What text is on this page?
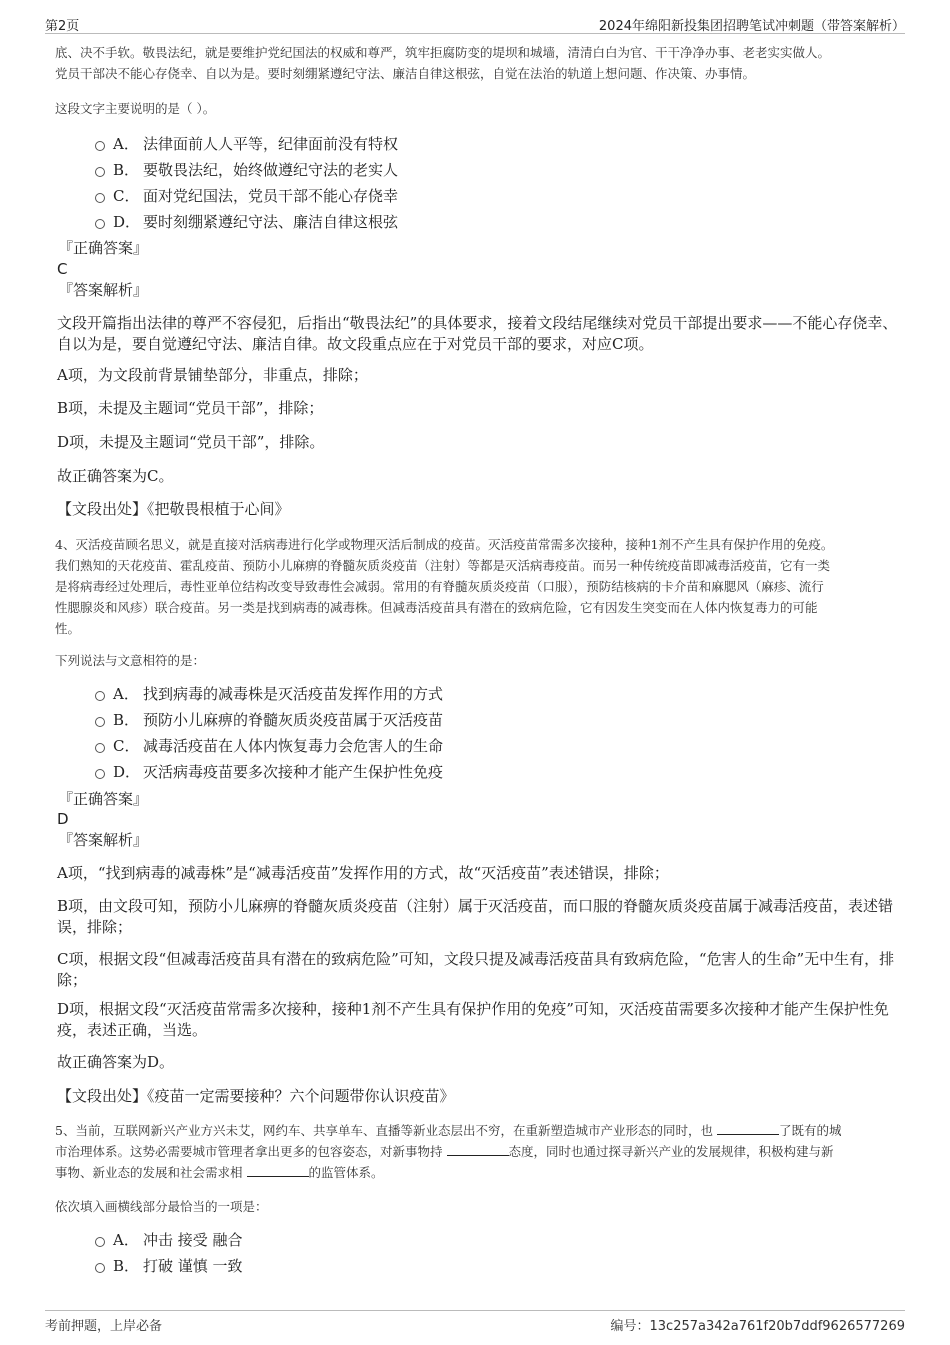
第2页	2024年绵阳新投集团招聘笔试冲刺题（带答案解析）
底、决不手软。敬畏法纪，就是要维护党纪国法的权威和尊严，筑牢拒腐防变的堤坝和城墙，清清白白为官、干干净净办事、老老实实做人。
党员干部决不能心存侥幸、自以为是。要时刻绷紧遵纪守法、廉洁自律这根弦，自觉在法治的轨道上想问题、作决策、办事情。
这段文字主要说明的是（ ）。
A． 法律面前人人平等，纪律面前没有特权
B． 要敬畏法纪，始终做遵纪守法的老实人
C． 面对党纪国法，党员干部不能心存侥幸
D． 要时刻绷紧遵纪守法、廉洁自律这根弦
『正确答案』
C
『答案解析』
文段开篇指出法律的尊严不容侵犯，后指出“敬畏法纪”的具体要求，接着文段结尾继续对党员干部提出要求——不能心存侥幸、自以为是，要自觉遵纪守法、廉洁自律。故文段重点应在于对党员干部的要求，对应C项。
A项，为文段前背景铺垫部分，非重点，排除；
B项，未提及主题词“党员干部”，排除；
D项，未提及主题词“党员干部”，排除。
故正确答案为C。
【文段出处】《把敬畏根植于心间》
4、灭活疫苗顾名思义，就是直接对活病毒进行化学或物理灭活后制成的疫苗。灭活疫苗常需多次接种，接种1剂不产生具有保护作用的免疫。
我们熟知的天花疫苗、霍乱疫苗、预防小儿麻痹的脊髓灰质炎疫苗（注射）等都是灭活病毒疫苗。而另一种传统疫苗即减毒活疫苗，它有一类
是将病毒经过处理后，毒性亚单位结构改变导致毒性会减弱。常用的有脊髓灰质炎疫苗（口服），预防结核病的卡介苗和麻腮风（麻疹、流行
性腮腺炎和风疹）联合疫苗。另一类是找到病毒的减毒株。但减毒活疫苗具有潜在的致病危险，它有因发生突变而在人体内恢复毒力的可能
性。
下列说法与文意相符的是：
A． 找到病毒的减毒株是灭活疫苗发挥作用的方式
B． 预防小儿麻痹的脊髓灰质炎疫苗属于灭活疫苗
C． 减毒活疫苗在人体内恢复毒力会危害人的生命
D． 灭活病毒疫苗要多次接种才能产生保护性免疫
『正确答案』
D
『答案解析』
A项，“找到病毒的减毒株”是“减毒活疫苗”发挥作用的方式，故“灭活疫苗”表述错误，排除；
B项，由文段可知，预防小儿麻痹的脊髓灰质炎疫苗（注射）属于灭活疫苗，而口服的脊髓灰质炎疫苗属于减毒活疫苗，表述错误，排除；
C项，根据文段“但减毒活疫苗具有潜在的致病危险”可知，文段只提及减毒活疫苗具有致病危险，“危害人的生命”无中生有，排除；
D项，根据文段“灭活疫苗常需多次接种，接种1剂不产生具有保护作用的免疫”可知，灭活疫苗需要多次接种才能产生保护性免疫，表述正确，当选。
故正确答案为D。
【文段出处】《疫苗一定需要接种？六个问题带你认识疫苗》
5、当前，互联网新兴产业方兴未艾，网约车、共享单车、直播等新业态层出不穷，在重新塑造城市产业形态的同时，也	了既有的城
市治理体系。这势必需要城市管理者拿出更多的包容姿态，对新事物持	态度，同时也通过探寻新兴产业的发展规律，积极构建与新
事物、新业态的发展和社会需求相	的监管体系。
依次填入画横线部分最恰当的一项是：
A． 冲击 接受 融合
B． 打破 谨慎 一致
考前押题，上岸必备	编号：13c257a342a761f20b7ddf9626577269
